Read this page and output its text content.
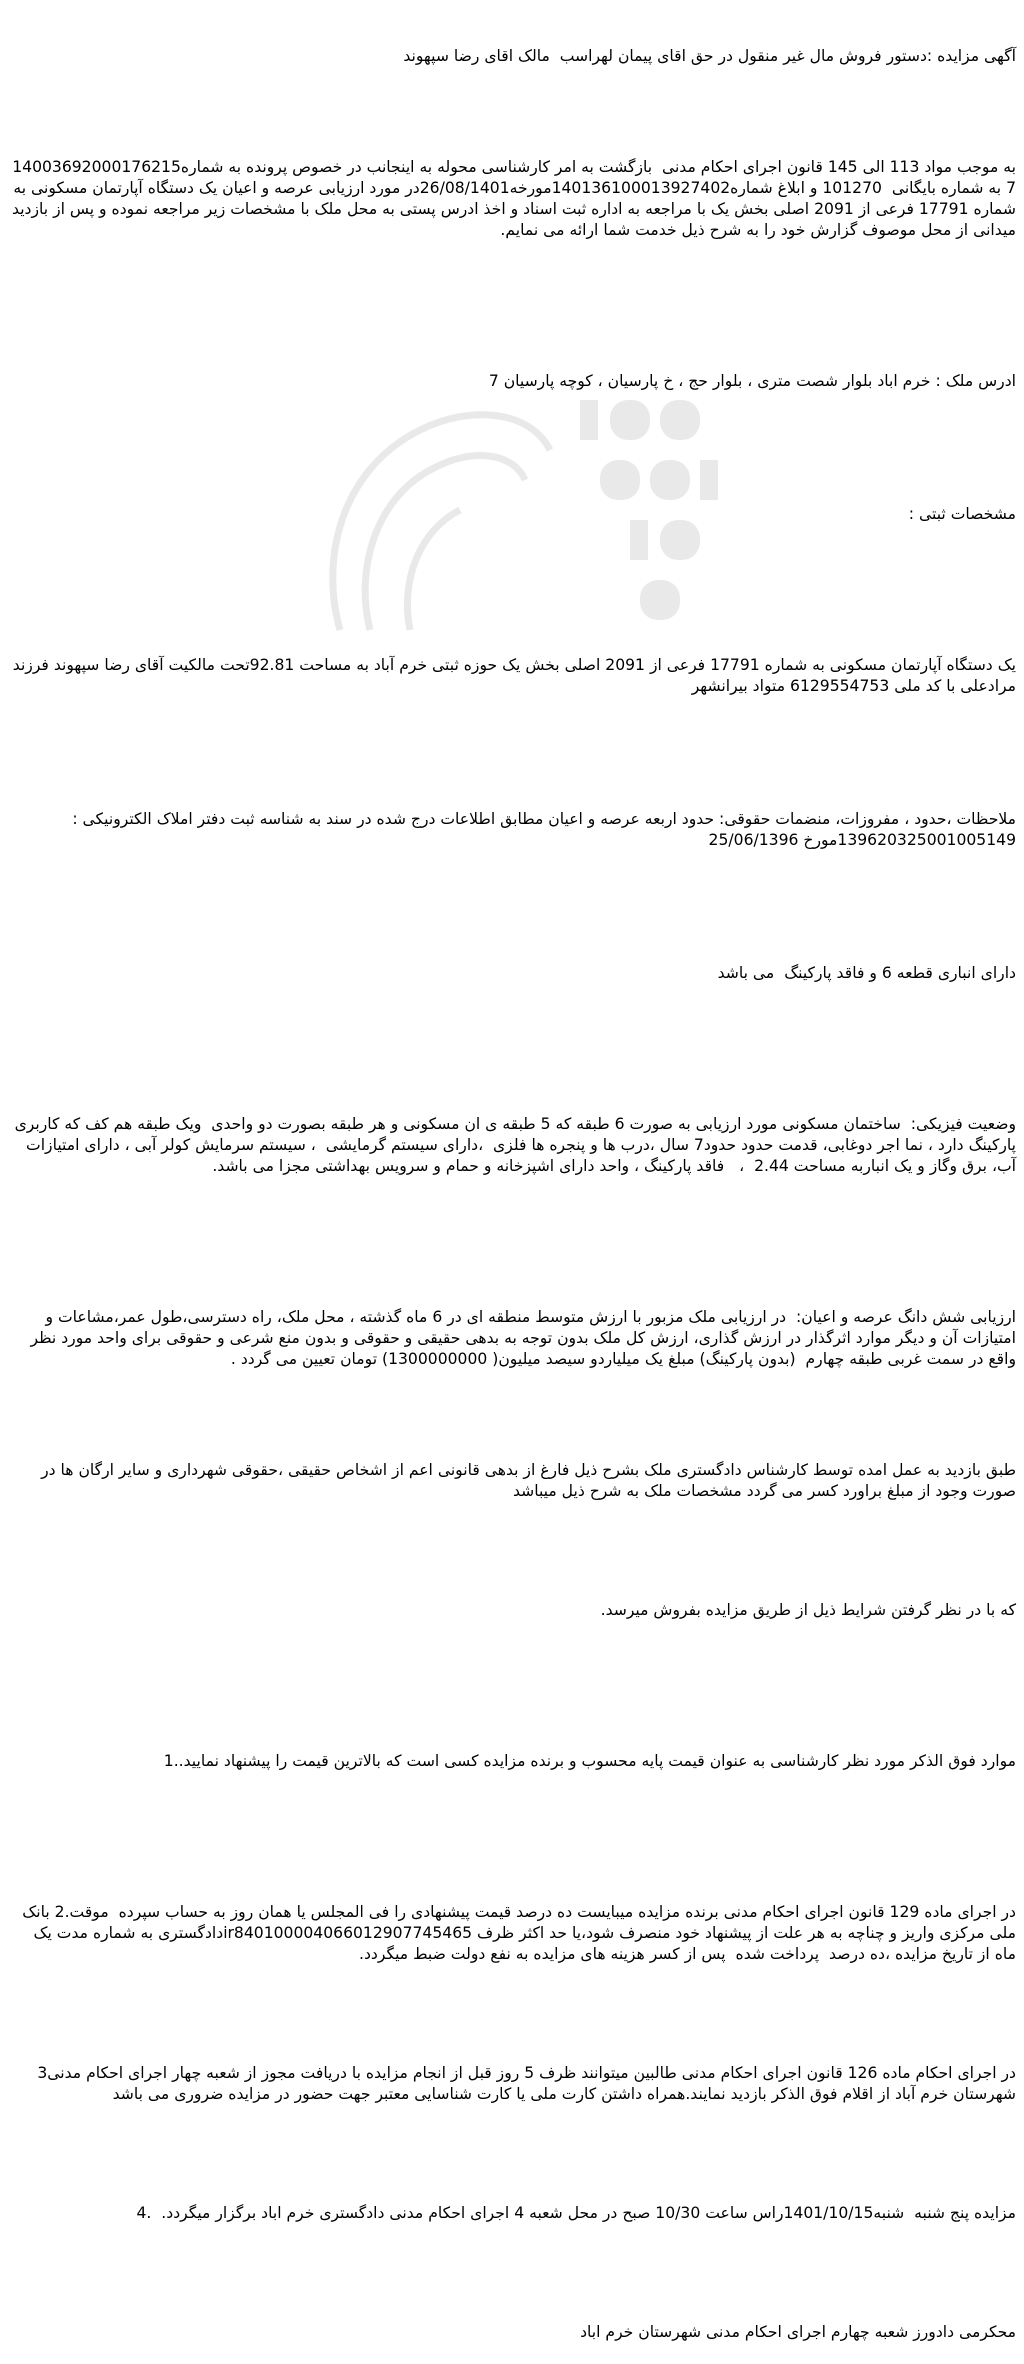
آگهی مزایده :دستور فروش مال غیر منقول در حق اقای پیمان لهراسب  مالک اقای رضا سپهوند

به موجب مواد 113 الی 145 قانون اجرای احکام مدنی  بازگشت به امر کارشناسی محوله به اینجانب در خصوص پرونده به شماره14003692000176215 7 به شماره بایگانی  101270 و ابلاغ شماره140136100013927402مورخه26/08/1401در مورد ارزیابی عرصه و اعیان یک دستگاه آپارتمان مسکونی به شماره 17791 فرعی از 2091 اصلی بخش یک با مراجعه به اداره ثبت اسناد و اخذ ادرس پستی به محل ملک با مشخصات زیر مراجعه نموده و پس از بازدید میدانی از محل موصوف گزارش خود را به شرح ذیل خدمت شما ارائه می نمایم.

ادرس ملک : خرم اباد بلوار شصت متری ، بلوار حج ، خ پارسیان ، کوچه پارسیان 7

مشخصات ثبتی :

یک دستگاه آپارتمان مسکونی به شماره 17791 فرعی از 2091 اصلی بخش یک حوزه ثبتی خرم آباد به مساحت 92.81تحت مالکیت آقای رضا سپهوند فرزند مرادعلی با کد ملی 6129554753 متواد بیرانشهر

ملاحظات ،حدود ، مفروزات، منضمات حقوقی: حدود اربعه عرصه و اعیان مطابق اطلاعات درج شده در سند به شناسه ثبت دفتر املاک الکترونیکی : 139620325001005149مورخ 25/06/1396

دارای انباری قطعه 6 و فاقد پارکینگ  می باشد

وضعیت فیزیکی:  ساختمان مسکونی مورد ارزیابی به صورت 6 طبقه که 5 طبقه ی ان مسکونی و هر طبقه بصورت دو واحدی  ویک طبقه هم کف که کاربری پارکینگ دارد ، نما اجر دوغابی، قدمت حدود حدود7 سال ،درب ها و پنجره ها فلزی  ،دارای سیستم گرمایشی  ، سیستم سرمایش کولر آبی ، دارای امتیازات آب، برق وگاز و یک انباربه مساحت 2.44  ،   فاقد پارکینگ ، واحد دارای اشپزخانه و حمام و سرویس بهداشتی مجزا می باشد.

ارزیابی شش دانگ عرصه و اعیان:  در ارزیابی ملک مزبور با ارزش متوسط منطقه ای در 6 ماه گذشته ، محل ملک، راه دسترسی،طول عمر،مشاعات و امتیازات آن و دیگر موارد اثرگذار در ارزش گذاری، ارزش کل ملک بدون توجه به بدهی حقیقی و حقوقی و بدون منع شرعی و حقوقی برای واحد مورد نظر واقع در سمت غربی طبقه چهارم  (بدون پارکینگ) مبلغ یک میلیاردو سیصد میلیون( 1300000000) تومان تعیین می گردد .

طبق بازدید به عمل امده توسط کارشناس دادگستری ملک بشرح ذیل فارغ از بدهی قانونی اعم از اشخاص حقیقی ،حقوقی شهرداری و سایر ارگان ها در صورت وجود از مبلغ براورد کسر می گردد مشخصات ملک به شرح ذیل میباشد

که با در نظر گرفتن شرایط ذیل از طریق مزایده بفروش میرسد.

موارد فوق الذکر مورد نظر کارشناسی به عنوان قیمت پایه محسوب و برنده مزایده کسی است که بالاترین قیمت را پیشنهاد نمایید..1

در اجرای ماده 129 قانون اجرای احکام مدنی برنده مزایده میبایست ده درصد قیمت پیشنهادی را فی المجلس یا همان روز به حساب سپرده  موقت.2 بانک ملی مرکزی واریز و چناچه به هر علت از پیشنهاد خود منصرف شود،یا حد اکثر ظرف ir840100004066012907745465دادگستری به شماره مدت یک ماه از تاریخ مزایده ،ده درصد  پرداخت شده  پس از کسر هزینه های مزایده به نفع دولت ضبط میگردد.

در اجرای احکام ماده 126 قانون اجرای احکام مدنی طالبین میتوانند ظرف 5 روز قبل از انجام مزایده با دریافت مجوز از شعبه چهار اجرای احکام مدنی3 شهرستان خرم آباد از اقلام فوق الذکر بازدید نمایند.همراه داشتن کارت ملی یا کارت شناسایی معتبر جهت حضور در مزایده ضروری می باشد

مزایده پنج شنبه  شنبه1401/10/15راس ساعت 10/30 صبح در محل شعبه 4 اجرای احکام مدنی دادگستری خرم اباد برگزار میگردد.  .4

محکرمی دادورز شعبه چهارم اجرای احکام مدنی شهرستان خرم اباد
